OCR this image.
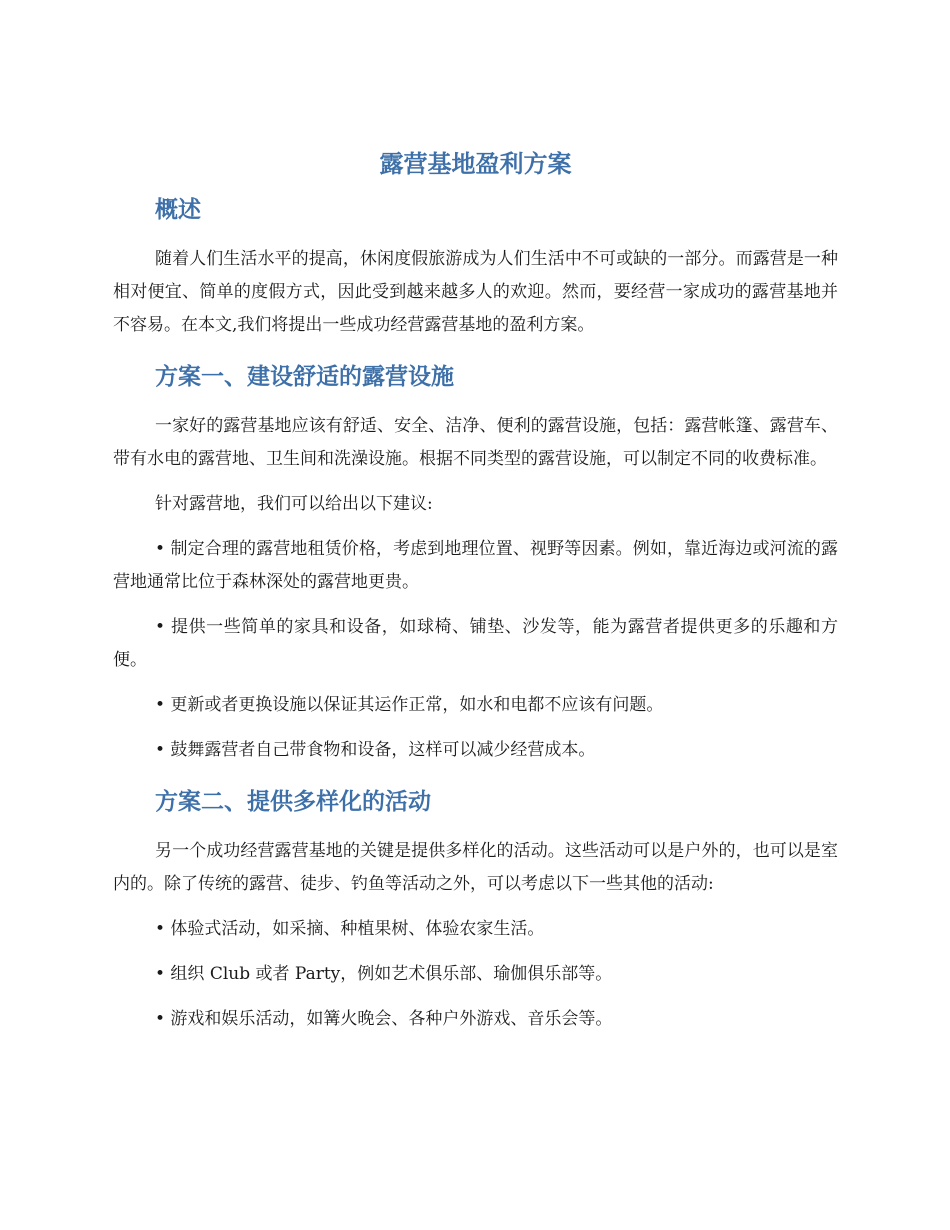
露营基地盈利方案
概述

随着人们生活水平的提高，休闲度假旅游成为人们生活中不可或缺的一部分。而露营是一种相对便宜、简单的度假方式，因此受到越来越多人的欢迎。然而，要经营一家成功的露营基地并不容易。在本文,我们将提出一些成功经营露营基地的盈利方案。

方案一、建设舒适的露营设施

一家好的露营基地应该有舒适、安全、洁净、便利的露营设施，包括：露营帐篷、露营车、带有水电的露营地、卫生间和洗澡设施。根据不同类型的露营设施，可以制定不同的收费标准。

针对露营地，我们可以给出以下建议:

• 制定合理的露营地租赁价格，考虑到地理位置、视野等因素。例如，靠近海边或河流的露营地通常比位于森林深处的露营地更贵。

• 提供一些简单的家具和设备，如球椅、铺垫、沙发等，能为露营者提供更多的乐趣和方便。

• 更新或者更换设施以保证其运作正常，如水和电都不应该有问题。

• 鼓舞露营者自己带食物和设备，这样可以减少经营成本。

方案二、提供多样化的活动

另一个成功经营露营基地的关键是提供多样化的活动。这些活动可以是户外的，也可以是室内的。除了传统的露营、徒步、钓鱼等活动之外，可以考虑以下一些其他的活动:

• 体验式活动，如采摘、种植果树、体验农家生活。

• 组织 Club 或者 Party，例如艺术俱乐部、瑜伽俱乐部等。

• 游戏和娱乐活动，如篝火晚会、各种户外游戏、音乐会等。
